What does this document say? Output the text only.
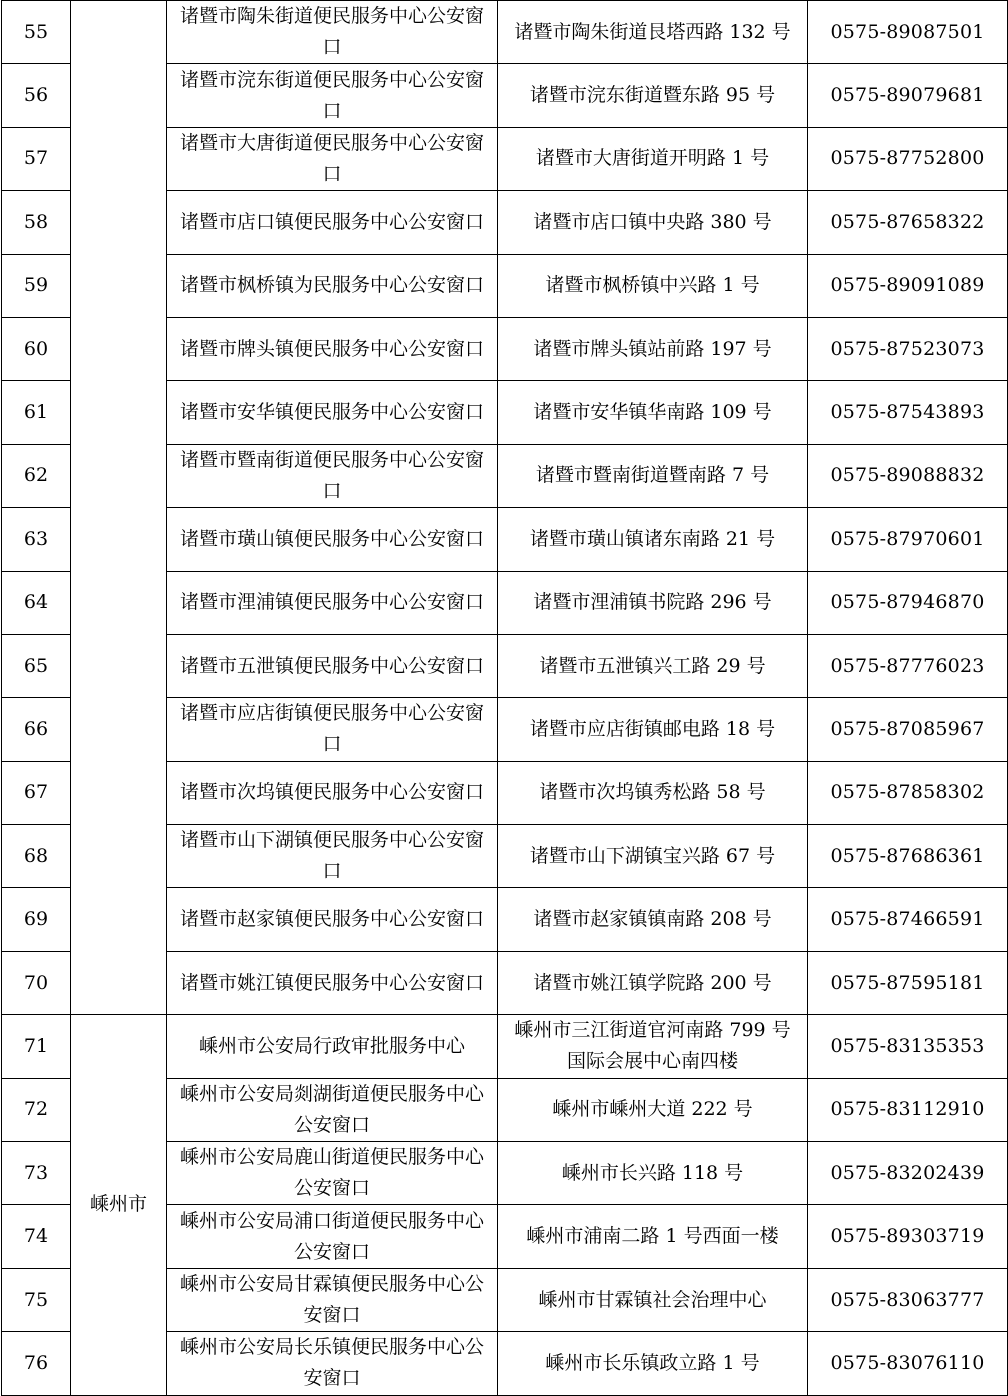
55		诸暨市陶朱街道便民服务中心公安窗口	诸暨市陶朱街道艮塔西路 132 号	0575-89087501
56		诸暨市浣东街道便民服务中心公安窗口	诸暨市浣东街道暨东路 95 号	0575-89079681
57		诸暨市大唐街道便民服务中心公安窗口	诸暨市大唐街道开明路 1 号	0575-87752800
58		诸暨市店口镇便民服务中心公安窗口	诸暨市店口镇中央路 380 号	0575-87658322
59		诸暨市枫桥镇为民服务中心公安窗口	诸暨市枫桥镇中兴路 1 号	0575-89091089
60		诸暨市牌头镇便民服务中心公安窗口	诸暨市牌头镇站前路 197 号	0575-87523073
61		诸暨市安华镇便民服务中心公安窗口	诸暨市安华镇华南路 109 号	0575-87543893
62		诸暨市暨南街道便民服务中心公安窗口	诸暨市暨南街道暨南路 7 号	0575-89088832
63		诸暨市璜山镇便民服务中心公安窗口	诸暨市璜山镇诸东南路 21 号	0575-87970601
64		诸暨市浬浦镇便民服务中心公安窗口	诸暨市浬浦镇书院路 296 号	0575-87946870
65		诸暨市五泄镇便民服务中心公安窗口	诸暨市五泄镇兴工路 29 号	0575-87776023
66		诸暨市应店街镇便民服务中心公安窗口	诸暨市应店街镇邮电路 18 号	0575-87085967
67		诸暨市次坞镇便民服务中心公安窗口	诸暨市次坞镇秀松路 58 号	0575-87858302
68		诸暨市山下湖镇便民服务中心公安窗口	诸暨市山下湖镇宝兴路 67 号	0575-87686361
69		诸暨市赵家镇便民服务中心公安窗口	诸暨市赵家镇镇南路 208 号	0575-87466591
70		诸暨市姚江镇便民服务中心公安窗口	诸暨市姚江镇学院路 200 号	0575-87595181
71	嵊州市	嵊州市公安局行政审批服务中心	嵊州市三江街道官河南路 799 号国际会展中心南四楼	0575-83135353
72		嵊州市公安局剡湖街道便民服务中心公安窗口	嵊州市嵊州大道 222 号	0575-83112910
73		嵊州市公安局鹿山街道便民服务中心公安窗口	嵊州市长兴路 118 号	0575-83202439
74		嵊州市公安局浦口街道便民服务中心公安窗口	嵊州市浦南二路 1 号西面一楼	0575-89303719
75		嵊州市公安局甘霖镇便民服务中心公安窗口	嵊州市甘霖镇社会治理中心	0575-83063777
76		嵊州市公安局长乐镇便民服务中心公安窗口	嵊州市长乐镇政立路 1 号	0575-83076110
